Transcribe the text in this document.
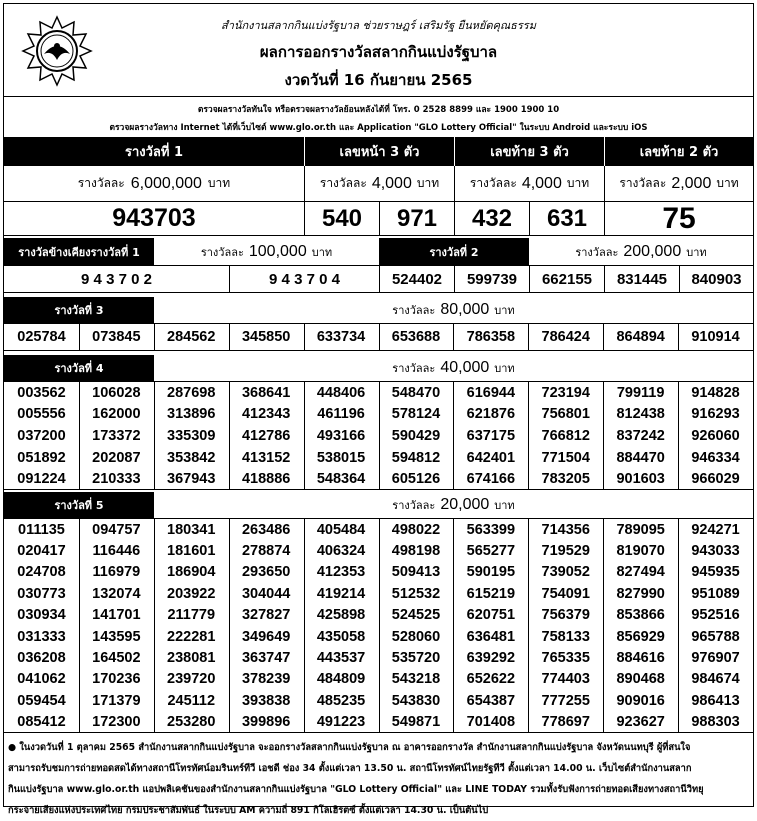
สำนักงานสลากกินแบ่งรัฐบาล ช่วยราษฎร์ เสริมรัฐ ยืนหยัดคุณธรรม
ผลการออกรางวัลสลากกินแบ่งรัฐบาล
งวดวันที่ 16 กันยายน 2565
ตรวจผลรางวัลทันใจ หรือตรวจผลรางวัลย้อนหลังได้ที่ โทร. 0 2528 8899 และ 1900 1900 10
ตรวจผลรางวัลทาง Internet ได้ที่เว็บไซต์ www.glo.or.th และ Application "GLO Lottery Official" ในระบบ Android และระบบ iOS
รางวัลที่ 1	เลขหน้า 3 ตัว	เลขท้าย 3 ตัว	เลขท้าย 2 ตัว
รางวัลละ 6,000,000 บาท	รางวัลละ 4,000 บาท	รางวัลละ 4,000 บาท	รางวัลละ 2,000 บาท
943703	540	971	432	631	75
รางวัลข้างเคียงรางวัลที่ 1	รางวัลละ 100,000 บาท	รางวัลที่ 2	รางวัลละ 200,000 บาท
9 4 3 7 0 2	9 4 3 7 0 4	524402	599739	662155	831445	840903
รางวัลที่ 3	รางวัลละ 80,000 บาท
025784	073845	284562	345850	633734	653688	786358	786424	864894	910914
รางวัลที่ 4	รางวัลละ 40,000 บาท
003562	106028	287698	368641	448406	548470	616944	723194	799119	914828
005556	162000	313896	412343	461196	578124	621876	756801	812438	916293
037200	173372	335309	412786	493166	590429	637175	766812	837242	926060
051892	202087	353842	413152	538015	594812	642401	771504	884470	946334
091224	210333	367943	418886	548364	605126	674166	783205	901603	966029
รางวัลที่ 5	รางวัลละ 20,000 บาท
011135	094757	180341	263486	405484	498022	563399	714356	789095	924271
020417	116446	181601	278874	406324	498198	565277	719529	819070	943033
024708	116979	186904	293650	412353	509413	590195	739052	827494	945935
030773	132074	203922	304044	419214	512532	615219	754091	827990	951089
030934	141701	211779	327827	425898	524525	620751	756379	853866	952516
031333	143595	222281	349649	435058	528060	636481	758133	856929	965788
036208	164502	238081	363747	443537	535720	639292	765335	884616	976907
041062	170236	239720	378239	484809	543218	652622	774403	890468	984674
059454	171379	245112	393838	485235	543830	654387	777255	909016	986413
085412	172300	253280	399896	491223	549871	701408	778697	923627	988303
● ในงวดวันที่ 1 ตุลาคม 2565 สำนักงานสลากกินแบ่งรัฐบาล จะออกรางวัลสลากกินแบ่งรัฐบาล ณ อาคารออกรางวัล สำนักงานสลากกินแบ่งรัฐบาล จังหวัดนนทบุรี ผู้ที่สนใจ
สามารถรับชมการถ่ายทอดสดได้ทางสถานีโทรทัศน์อมรินทร์ทีวี เอชดี ช่อง 34 ตั้งแต่เวลา 13.50 น. สถานีโทรทัศน์ไทยรัฐทีวี ตั้งแต่เวลา 14.00 น. เว็บไซต์สำนักงานสลาก
กินแบ่งรัฐบาล www.glo.or.th แอปพลิเคชันของสำนักงานสลากกินแบ่งรัฐบาล "GLO Lottery Official" และ LINE TODAY รวมทั้งรับฟังการถ่ายทอดเสียงทางสถานีวิทยุ
กระจายเสียงแห่งประเทศไทย กรมประชาสัมพันธ์ ในระบบ AM ความถี่ 891 กิโลเฮิรตซ์ ตั้งแต่เวลา 14.30 น. เป็นต้นไป
